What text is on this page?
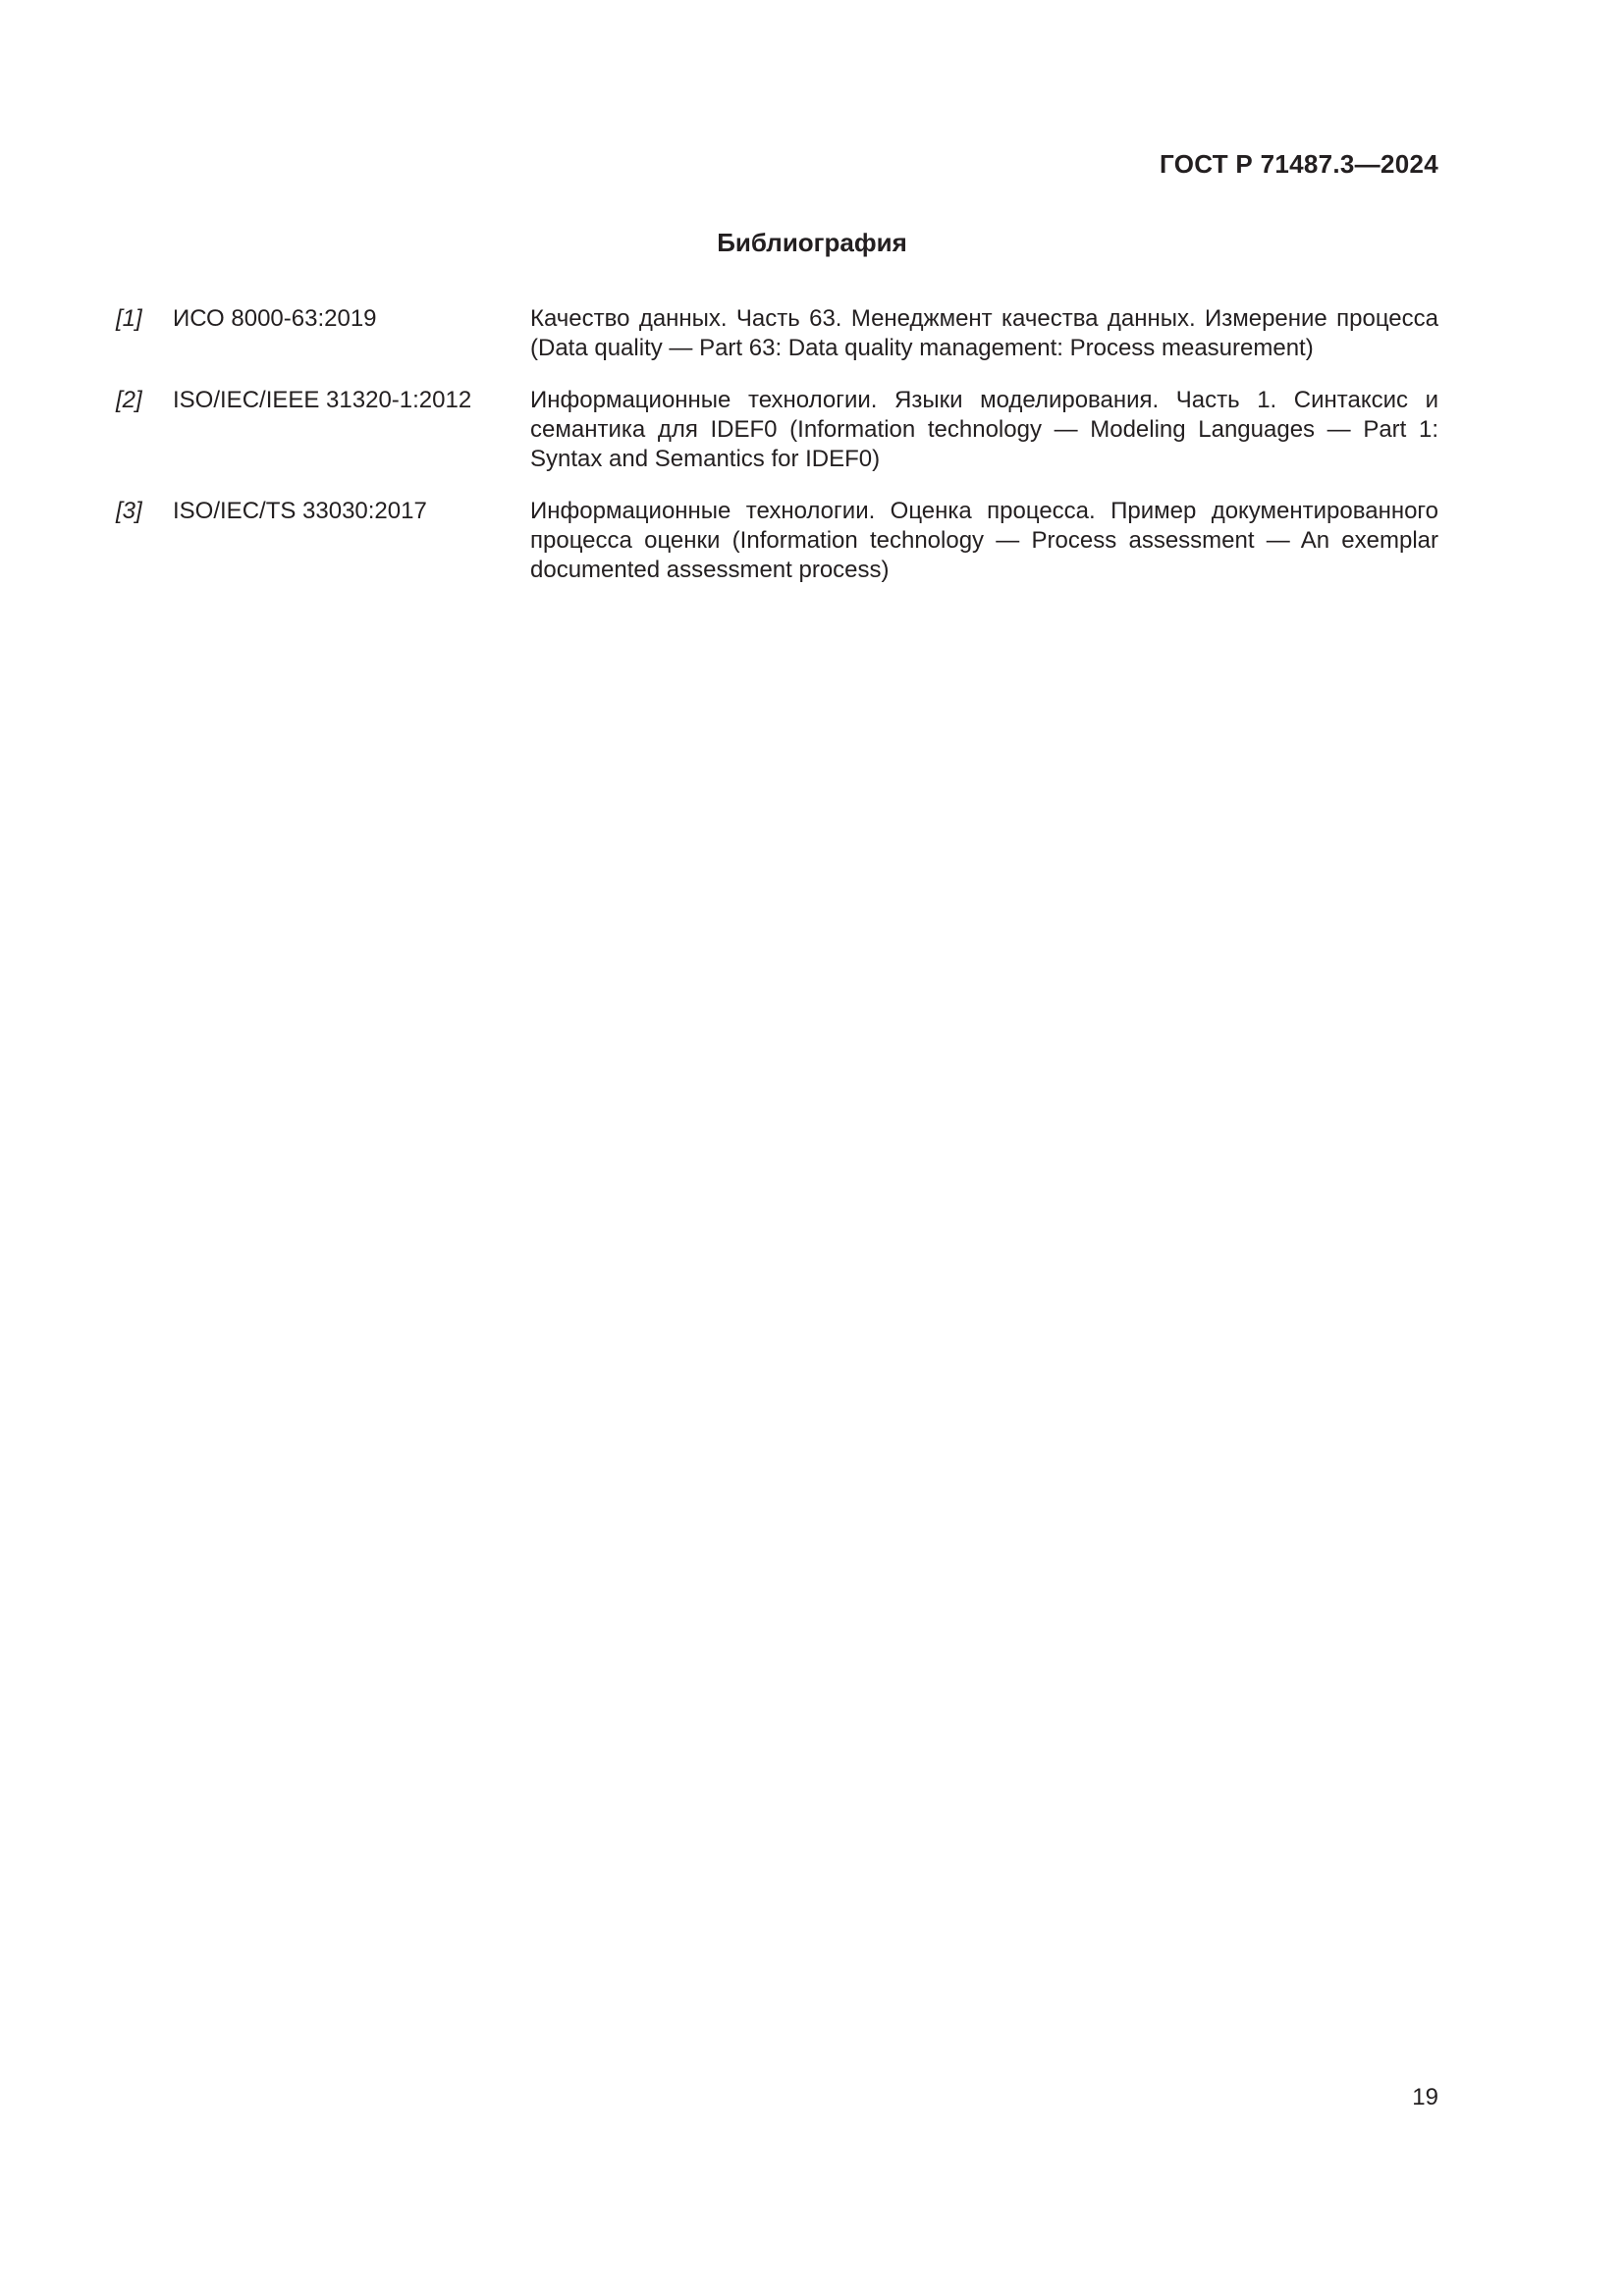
ГОСТ Р 71487.3—2024
Библиография
[1]	ИСО 8000-63:2019	Качество данных. Часть 63. Менеджмент качества данных. Измерение процесса (Data quality — Part 63: Data quality management: Process measurement)
[2]	ISO/IEC/IEEE 31320-1:2012	Информационные технологии. Языки моделирования. Часть 1. Синтаксис и семантика для IDEF0 (Information technology — Modeling Languages — Part 1: Syntax and Semantics for IDEF0)
[3]	ISO/IEC/TS 33030:2017	Информационные технологии. Оценка процесса. Пример документированного процесса оценки (Information technology — Process assessment — An exemplar documented assessment process)
19
